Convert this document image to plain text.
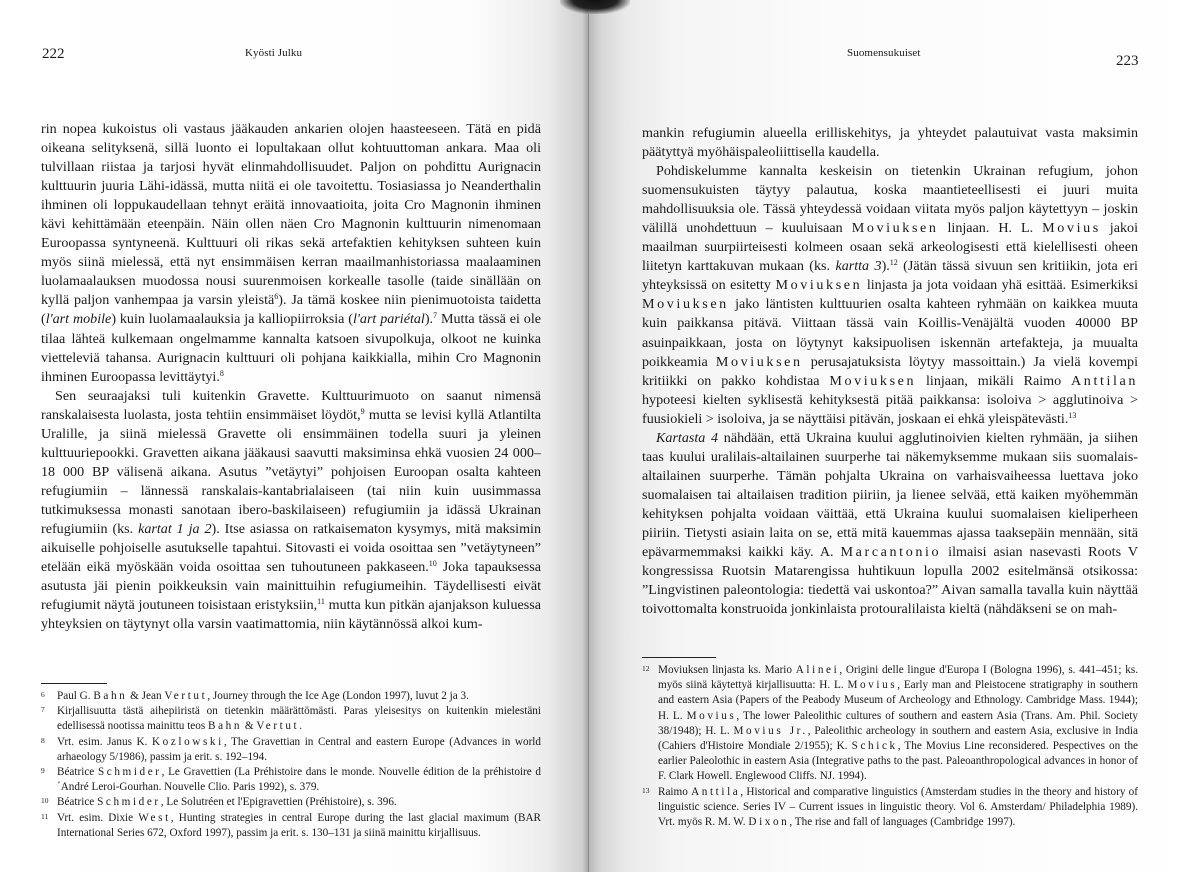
222	Kyösti Julku

rin nopea kukoistus oli vastaus jääkauden ankarien olojen haasteeseen. Tätä en pidä oikeana selityksenä, sillä luonto ei lopultakaan ollut kohtuuttoman ankara. Maa oli tulvillaan riistaa ja tarjosi hyvät elinmahdollisuudet. Paljon on pohdittu Aurignacin kulttuurin juuria Lähi-idässä, mutta niitä ei ole tavoitettu. Tosiasiassa jo Neanderthalin ihminen oli loppukaudellaan tehnyt eräitä innovaatioita, joita Cro Magnonin ihminen kävi kehittämään eteenpäin. Näin ollen näen Cro Magnonin kulttuurin nimenomaan Euroopassa syntyneenä. Kulttuuri oli rikas sekä artefaktien kehityksen suhteen kuin myös siinä mielessä, että nyt ensimmäisen kerran maailmanhistoriassa maalaaminen luolamaalauksen muodossa nousi suurenmoisen korkealle tasolle (taide sinällään on kyllä paljon vanhempaa ja varsin yleistä$^6$). Ja tämä koskee niin pienimuotoista taidetta (l'art mobile) kuin luolamaalauksia ja kalliopiirroksia (l'art pariétal).$^7$ Mutta tässä ei ole tilaa lähteä kulkemaan ongelmamme kannalta katsoen sivupolkuja, olkoot ne kuinka vietteleviä tahansa. Aurignacin kulttuuri oli pohjana kaikkialla, mihin Cro Magnonin ihminen Euroopassa levittäytyi.$^8$

Sen seuraajaksi tuli kuitenkin Gravette. Kulttuurimuoto on saanut nimensä ranskalaisesta luolasta, josta tehtiin ensimmäiset löydöt,$^9$ mutta se levisi kyllä Atlantilta Uralille, ja siinä mielessä Gravette oli ensimmäinen todella suuri ja yleinen kulttuuriepookki. Gravetten aikana jääkausi saavutti maksiminsa ehkä vuosien 24 000–18 000 BP välisenä aikana. Asutus ”vetäytyi” pohjoisen Euroopan osalta kahteen refugiumiin – lännessä ranskalais-kantabrialaiseen (tai niin kuin uusimmassa tutkimuksessa monasti sanotaan ibero-baskilaiseen) refugiumiin ja idässä Ukrainan refugiumiin (ks. kartat 1 ja 2). Itse asiassa on ratkaisematon kysymys, mitä maksimin aikuiselle pohjoiselle asutukselle tapahtui. Sitovasti ei voida osoittaa sen ”vetäytyneen” etelään eikä myöskään voida osoittaa sen tuhoutuneen pakkaseen.$^{10}$ Joka tapauksessa asutusta jäi pienin poikkeuksin vain mainittuihin refugiumeihin. Täydellisesti eivät refugiumit näytä joutuneen toisistaan eristyksiin,$^{11}$ mutta kun pitkän ajanjakson kuluessa yhteyksien on täytynyt olla varsin vaatimattomia, niin käytännössä alkoi kum-

6 Paul G. Bahn & Jean Vertut, Journey through the Ice Age (London 1997), luvut 2 ja 3.
7 Kirjallisuutta tästä aihepiiristä on tietenkin määrättömästi. Paras yleisesitys on kuitenkin mielestäni edellisessä nootissa mainittu teos Bahn & Vertut.
8 Vrt. esim. Janus K. Kozlowski, The Gravettian in Central and eastern Europe (Advances in world arhaeology 5/1986), passim ja erit. s. 192–194.
9 Béatrice Schmider, Le Gravettien (La Préhistoire dans le monde. Nouvelle édition de la préhistoire d´André Leroi-Gourhan. Nouvelle Clio. Paris 1992), s. 379.
10 Béatrice Schmider, Le Solutréen et l'Epigravettien (Préhistoire), s. 396.
11 Vrt. esim. Dixie West, Hunting strategies in central Europe during the last glacial maximum (BAR International Series 672, Oxford 1997), passim ja erit. s. 130–131 ja siinä mainittu kirjallisuus.
Suomensukuiset	223

mankin refugiumin alueella erilliskehitys, ja yhteydet palautuivat vasta maksimin päätyttyä myöhäispaleoliittisella kaudella.

Pohdiskelumme kannalta keskeisin on tietenkin Ukrainan refugium, johon suomensukuisten täytyy palautua, koska maantieteellisesti ei juuri muita mahdollisuuksia ole. Tässä yhteydessä voidaan viitata myös paljon käytettyyn – joskin välillä unohdettuun – kuuluisaan Moviuksen linjaan. H. L. Movius jakoi maailman suurpiirteisesti kolmeen osaan sekä arkeologisesti että kielellisesti oheen liitetyn karttakuvan mukaan (ks. kartta 3).$^{12}$ (Jätän tässä sivuun sen kritiikin, jota eri yhteyksissä on esitetty Moviuksen linjasta ja jota voidaan yhä esittää. Esimerkiksi Moviuksen jako läntisten kulttuurien osalta kahteen ryhmään on kaikkea muuta kuin paikkansa pitävä. Viittaan tässä vain Koillis-Venäjältä vuoden 40000 BP asuinpaikkaan, josta on löytynyt kaksipuolisen iskennän artefakteja, ja muualta poikkeamia Moviuksen perusajatuksista löytyy massoittain.) Ja vielä kovempi kritiikki on pakko kohdistaa Moviuksen linjaan, mikäli Raimo Anttilan hypoteesi kielten syklisestä kehityksestä pitää paikkansa: isoloiva > agglutinoiva > fuusiokieli > isoloiva, ja se näyttäisi pitävän, joskaan ei ehkä yleispätevästi.$^{13}$

Kartasta 4 nähdään, että Ukraina kuului agglutinoivien kielten ryhmään, ja siihen taas kuului uralilais-altailainen suurperhe tai näkemyksemme mukaan siis suomalais-altailainen suurperhe. Tämän pohjalta Ukraina on varhaisvaiheessa luettava joko suomalaisen tai altailaisen tradition piiriin, ja lienee selvää, että kaiken myöhemmän kehityksen pohjalta voidaan väittää, että Ukraina kuului suomalaisen kieliperheen piiriin. Tietysti asiain laita on se, että mitä kauemmas ajassa taaksepäin mennään, sitä epävarmemmaksi kaikki käy. A. Marcantonio ilmaisi asian nasevasti Roots V kongressissa Ruotsin Matarengissa huhtikuun lopulla 2002 esitelmänsä otsikossa: ”Lingvistinen paleontologia: tiedettä vai uskontoa?” Aivan samalla tavalla kuin näyttää toivottomalta konstruoida jonkinlaista protouralilaista kieltä (nähdäkseni se on mah-

12 Moviuksen linjasta ks. Mario Alinei, Origini delle lingue d'Europa I (Bologna 1996), s. 441–451; ks. myös siinä käytettyä kirjallisuutta: H. L. Movius, Early man and Pleistocene stratigraphy in southern and eastern Asia (Papers of the Peabody Museum of Archeology and Ethnology. Cambridge Mass. 1944); H. L. Movius, The lower Paleolithic cultures of southern and eastern Asia (Trans. Am. Phil. Society 38/1948); H. L. Movius Jr., Paleolithic archeology in southern and eastern Asia, exclusive in India (Cahiers d'Histoire Mondiale 2/1955); K. Schick, The Movius Line reconsidered. Pespectives on the earlier Paleolothic in eastern Asia (Integrative paths to the past. Paleoanthropological advances in honor of F. Clark Howell. Englewood Cliffs. NJ. 1994).
13 Raimo Anttila, Historical and comparative linguistics (Amsterdam studies in the theory and history of linguistic science. Series IV – Current issues in linguistic theory. Vol 6. Amsterdam/ Philadelphia 1989). Vrt. myös R. M. W. Dixon, The rise and fall of languages (Cambridge 1997).
